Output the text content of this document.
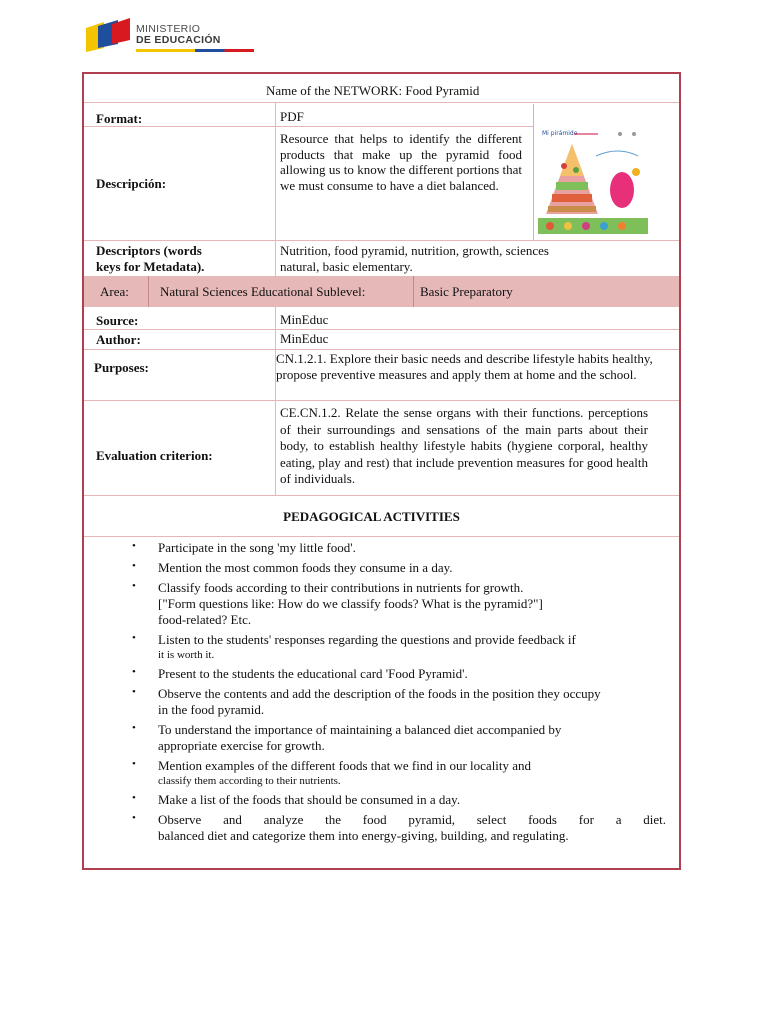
MINISTERIO
DE EDUCACIÓN
Name of the NETWORK: Food Pyramid
Format:	PDF
Descripción:
Resource that helps to identify the different products that make up the pyramid food allowing us to know the different portions that we must consume to have a diet balanced.
Mi pirámide
Descriptors (words
keys for Metadata).
Nutrition, food pyramid, nutrition, growth, sciences
natural, basic elementary.
Area: Natural Sciences Educational Sublevel:	Basic Preparatory
Source:	MinEduc
Author:	MinEduc
Purposes:
CN.1.2.1. Explore their basic needs and describe lifestyle habits healthy, propose preventive measures and apply them at home and the school.
Evaluation criterion:
CE.CN.1.2. Relate the sense organs with their functions. perceptions of their surroundings and sensations of the main parts about their body, to establish healthy lifestyle habits (hygiene corporal, healthy eating, play and rest) that include prevention measures for good health of individuals.
PEDAGOGICAL ACTIVITIES
• Participate in the song 'my little food'.
• Mention the most common foods they consume in a day.
• Classify foods according to their contributions in nutrients for growth.
["Form questions like: How do we classify foods? What is the pyramid?"]
food-related? Etc.
• Listen to the students' responses regarding the questions and provide feedback if
it is worth it.
• Present to the students the educational card 'Food Pyramid'.
• Observe the contents and add the description of the foods in the position they occupy
in the food pyramid.
• To understand the importance of maintaining a balanced diet accompanied by
appropriate exercise for growth.
• Mention examples of the different foods that we find in our locality and
classify them according to their nutrients.
• Make a list of the foods that should be consumed in a day.
• Observe and analyze the food pyramid, select foods for a diet.
balanced diet and categorize them into energy-giving, building, and regulating.
